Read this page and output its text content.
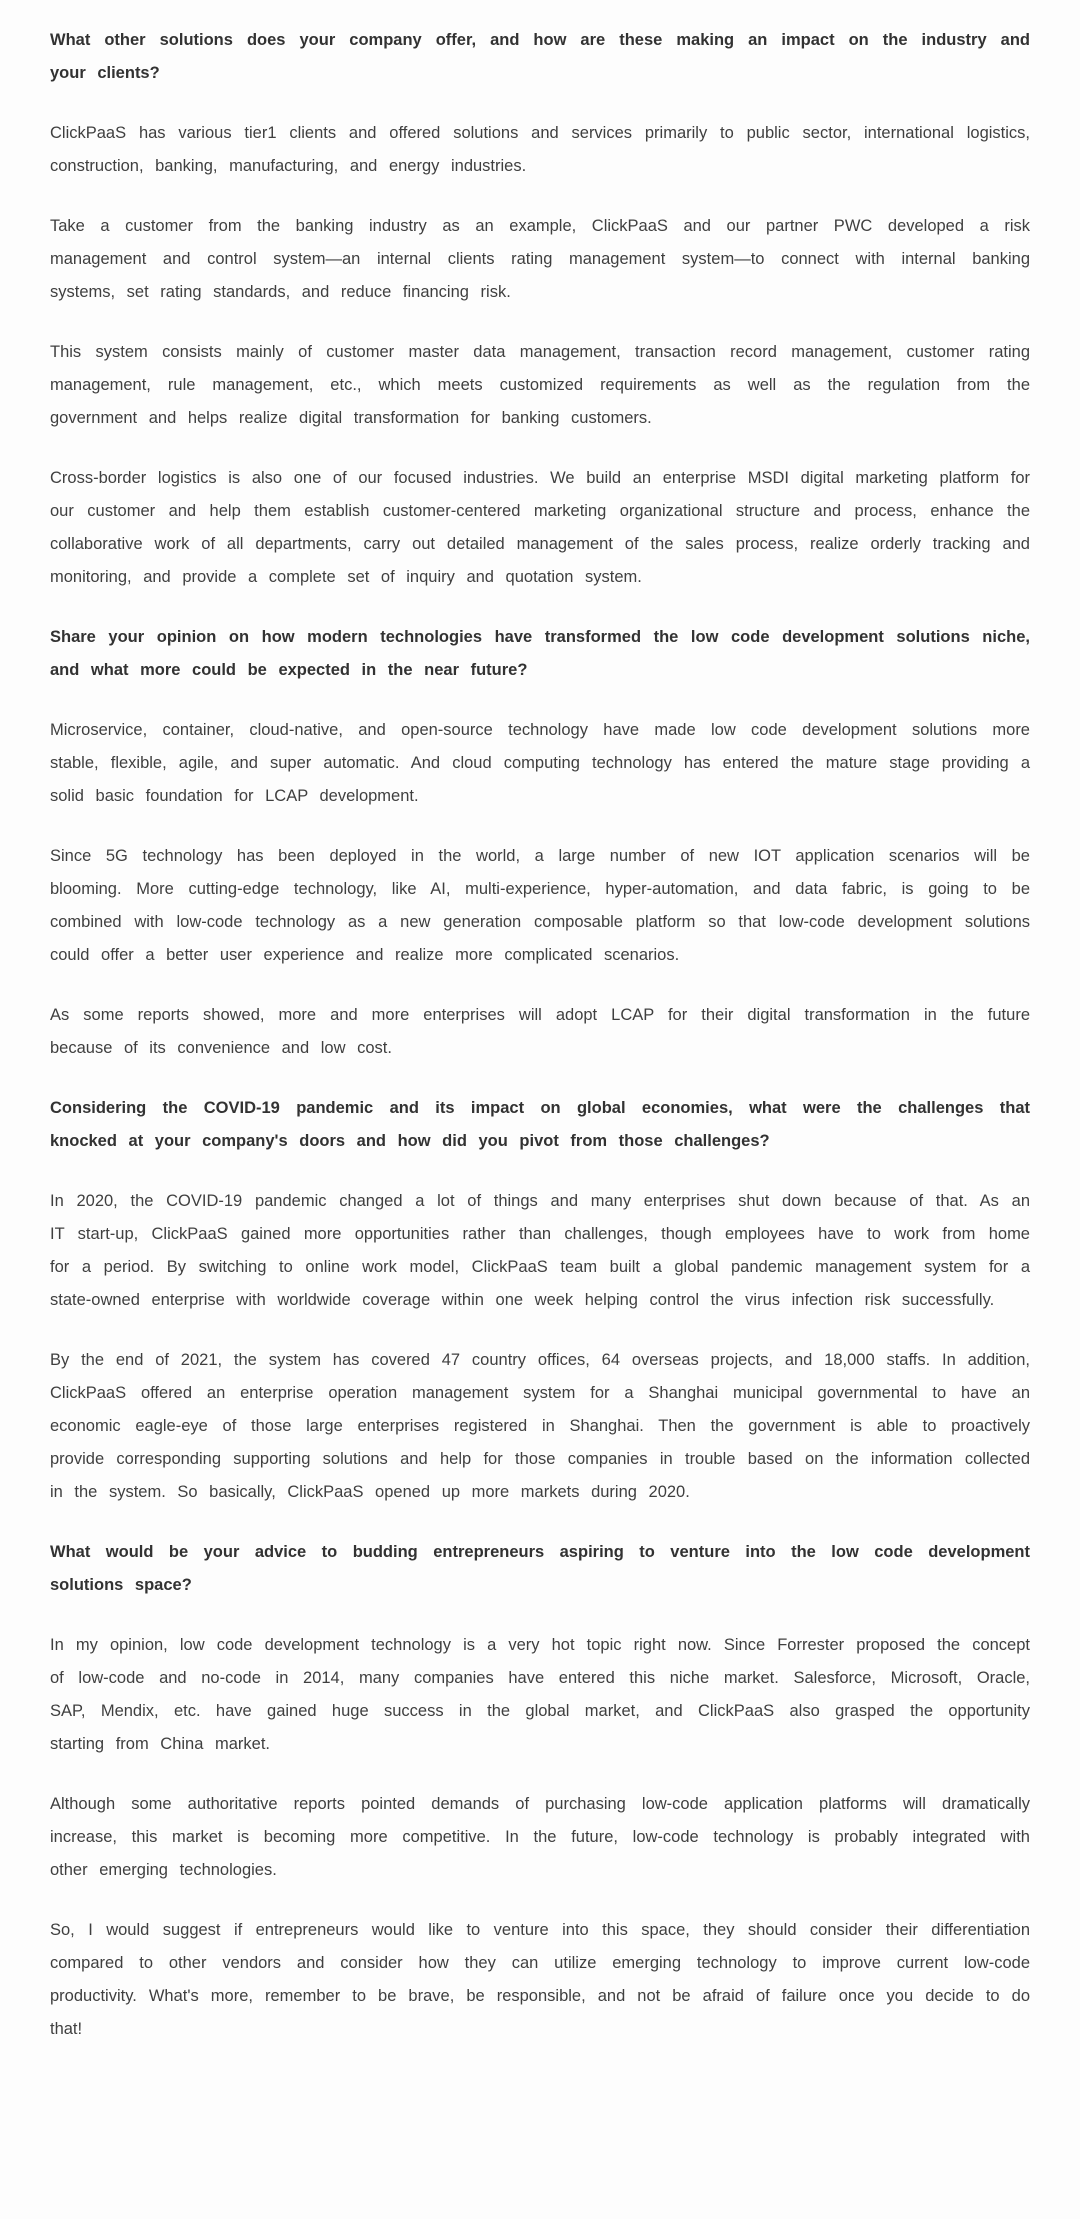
What other solutions does your company offer, and how are these making an impact on the industry and your clients?
ClickPaaS has various tier1 clients and offered solutions and services primarily to public sector, international logistics, construction, banking, manufacturing, and energy industries.
Take a customer from the banking industry as an example, ClickPaaS and our partner PWC developed a risk management and control system—an internal clients rating management system—to connect with internal banking systems, set rating standards, and reduce financing risk.
This system consists mainly of customer master data management, transaction record management, customer rating management, rule management, etc., which meets customized requirements as well as the regulation from the government and helps realize digital transformation for banking customers.
Cross-border logistics is also one of our focused industries. We build an enterprise MSDI digital marketing platform for our customer and help them establish customer-centered marketing organizational structure and process, enhance the collaborative work of all departments, carry out detailed management of the sales process, realize orderly tracking and monitoring, and provide a complete set of inquiry and quotation system.
Share your opinion on how modern technologies have transformed the low code development solutions niche, and what more could be expected in the near future?
Microservice, container, cloud-native, and open-source technology have made low code development solutions more stable, flexible, agile, and super automatic. And cloud computing technology has entered the mature stage providing a solid basic foundation for LCAP development.
Since 5G technology has been deployed in the world, a large number of new IOT application scenarios will be blooming. More cutting-edge technology, like AI, multi-experience, hyper-automation, and data fabric, is going to be combined with low-code technology as a new generation composable platform so that low-code development solutions could offer a better user experience and realize more complicated scenarios.
As some reports showed, more and more enterprises will adopt LCAP for their digital transformation in the future because of its convenience and low cost.
Considering the COVID-19 pandemic and its impact on global economies, what were the challenges that knocked at your company's doors and how did you pivot from those challenges?
In 2020, the COVID-19 pandemic changed a lot of things and many enterprises shut down because of that. As an IT start-up, ClickPaaS gained more opportunities rather than challenges, though employees have to work from home for a period. By switching to online work model, ClickPaaS team built a global pandemic management system for a state-owned enterprise with worldwide coverage within one week helping control the virus infection risk successfully.
By the end of 2021, the system has covered 47 country offices, 64 overseas projects, and 18,000 staffs. In addition, ClickPaaS offered an enterprise operation management system for a Shanghai municipal governmental to have an economic eagle-eye of those large enterprises registered in Shanghai. Then the government is able to proactively provide corresponding supporting solutions and help for those companies in trouble based on the information collected in the system. So basically, ClickPaaS opened up more markets during 2020.
What would be your advice to budding entrepreneurs aspiring to venture into the low code development solutions space?
In my opinion, low code development technology is a very hot topic right now. Since Forrester proposed the concept of low-code and no-code in 2014, many companies have entered this niche market. Salesforce, Microsoft, Oracle, SAP, Mendix, etc. have gained huge success in the global market, and ClickPaaS also grasped the opportunity starting from China market.
Although some authoritative reports pointed demands of purchasing low-code application platforms will dramatically increase, this market is becoming more competitive. In the future, low-code technology is probably integrated with other emerging technologies.
So, I would suggest if entrepreneurs would like to venture into this space, they should consider their differentiation compared to other vendors and consider how they can utilize emerging technology to improve current low-code productivity. What's more, remember to be brave, be responsible, and not be afraid of failure once you decide to do that!
